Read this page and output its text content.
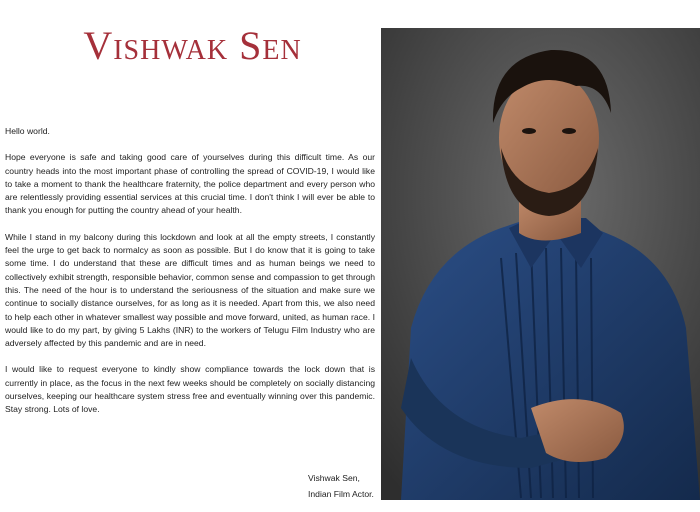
Vishwak Sen

Hello world.

Hope everyone is safe and taking good care of yourselves during this difficult time. As our country heads into the most important phase of controlling the spread of COVID-19, I would like to take a moment to thank the healthcare fraternity, the police department and every person who are relentlessly providing essential services at this crucial time. I don't think I will ever be able to thank you enough for putting the country ahead of your health.

While I stand in my balcony during this lockdown and look at all the empty streets, I constantly feel the urge to get back to normalcy as soon as possible. But I do know that it is going to take some time. I do understand that these are difficult times and as human beings we need to collectively exhibit strength, responsible behavior, common sense and compassion to get through this. The need of the hour is to understand the seriousness of the situation and make sure we continue to socially distance ourselves, for as long as it is needed. Apart from this, we also need to help each other in whatever smallest way possible and move forward, united, as human race. I would like to do my part, by giving 5 Lakhs (INR) to the workers of Telugu Film Industry who are adversely affected by this pandemic and are in need.

I would like to request everyone to kindly show compliance towards the lock down that is currently in place, as the focus in the next few weeks should be completely on socially distancing ourselves, keeping our healthcare system stress free and eventually winning over this pandemic. Stay strong. Lots of love.

Vishwak Sen,
Indian Film Actor.
